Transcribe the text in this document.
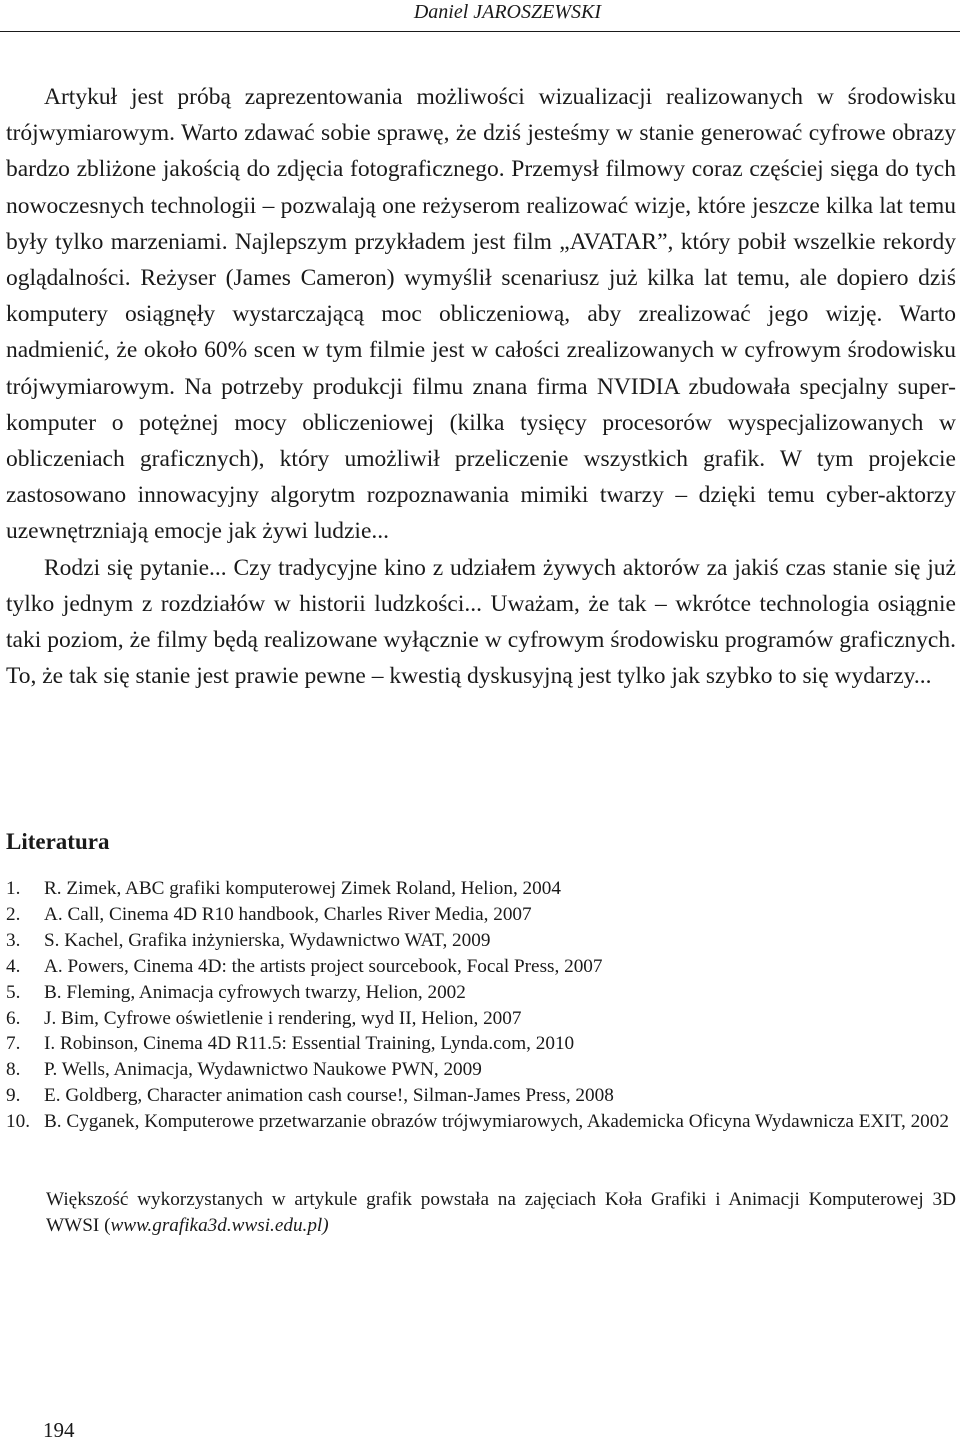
Daniel JAROSZEWSKI

Artykuł jest próbą zaprezentowania możliwości wizualizacji realizowanych w środowisku trójwymiarowym. Warto zdawać sobie sprawę, że dziś jesteśmy w stanie generować cyfrowe obrazy bardzo zbliżone jakością do zdjęcia fotograficznego. Przemysł filmowy coraz częściej sięga do tych nowoczesnych technologii – pozwalają one reżyserom realizować wizje, które jeszcze kilka lat temu były tylko marzeniami. Najlepszym przykładem jest film „AVATAR”, który pobił wszelkie rekordy oglądalności. Reżyser (James Cameron) wymyślił scenariusz już kilka lat temu, ale dopiero dziś komputery osiągnęły wystarczającą moc obliczeniową, aby zrealizować jego wizję. Warto nadmienić, że około 60% scen w tym filmie jest w całości zrealizowanych w cyfrowym środowisku trójwymiarowym. Na potrzeby produkcji filmu znana firma NVIDIA zbudowała specjalny super-komputer o potężnej mocy obliczeniowej (kilka tysięcy procesorów wyspecjalizowanych w obliczeniach graficznych), który umożliwił przeliczenie wszystkich grafik. W tym projekcie zastosowano innowacyjny algorytm rozpoznawania mimiki twarzy – dzięki temu cyber-aktorzy uzewnętrzniają emocje jak żywi ludzie...

Rodzi się pytanie... Czy tradycyjne kino z udziałem żywych aktorów za jakiś czas stanie się już tylko jednym z rozdziałów w historii ludzkości... Uważam, że tak – wkrótce technologia osiągnie taki poziom, że filmy będą realizowane wyłącznie w cyfrowym środowisku programów graficznych. To, że tak się stanie jest prawie pewne – kwestią dyskusyjną jest tylko jak szybko to się wydarzy...

Literatura
1. R. Zimek, ABC grafiki komputerowej Zimek Roland, Helion, 2004
2. A. Call, Cinema 4D R10 handbook, Charles River Media, 2007
3. S. Kachel, Grafika inżynierska, Wydawnictwo WAT, 2009
4. A. Powers, Cinema 4D: the artists project sourcebook, Focal Press, 2007
5. B. Fleming, Animacja cyfrowych twarzy, Helion, 2002
6. J. Bim, Cyfrowe oświetlenie i rendering, wyd II, Helion, 2007
7. I. Robinson, Cinema 4D R11.5: Essential Training, Lynda.com, 2010
8. P. Wells, Animacja, Wydawnictwo Naukowe PWN, 2009
9. E. Goldberg, Character animation cash course!, Silman-James Press, 2008
10. B. Cyganek, Komputerowe przetwarzanie obrazów trójwymiarowych, Akademicka Oficyna Wydawnicza EXIT, 2002

Większość wykorzystanych w artykule grafik powstała na zajęciach Koła Grafiki i Animacji Komputerowej 3D WWSI (www.grafika3d.wwsi.edu.pl)

194
